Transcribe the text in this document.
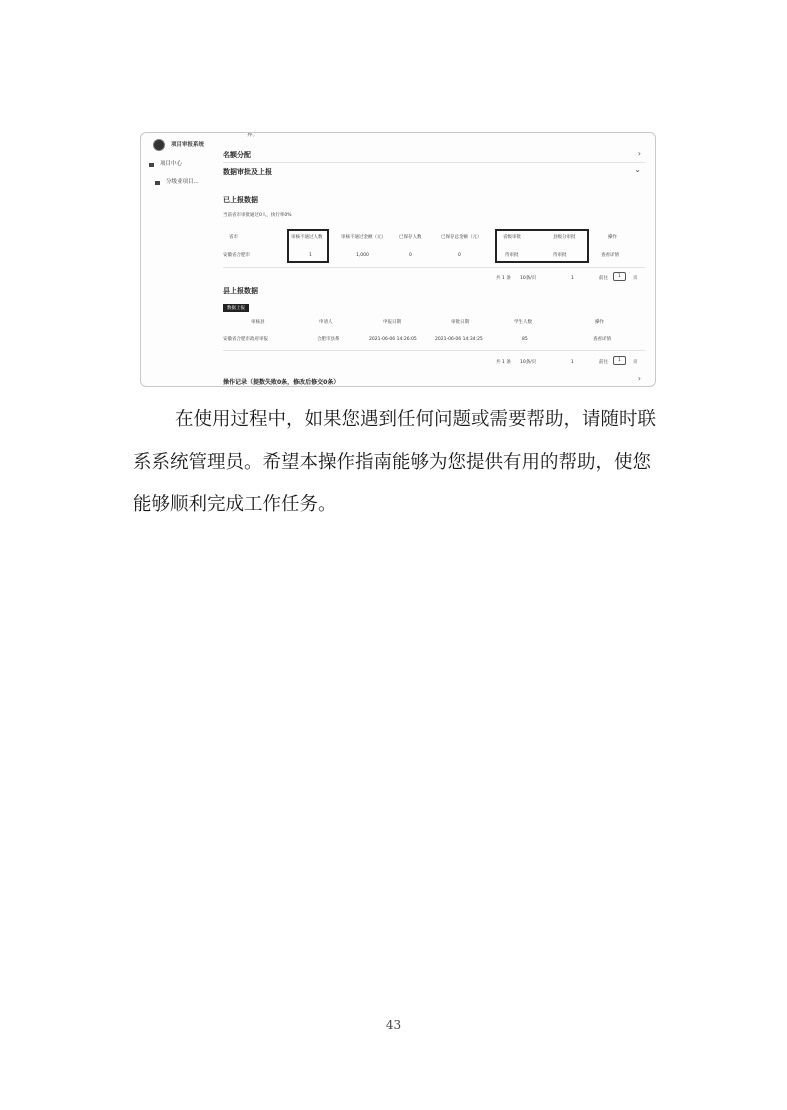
项目审报系统
项目中心
分级业项目...
界。
名额分配	›
数据审批及上报	⌄
已上报数据
当前省市审批通过0人，执行率0%
省市	审核不通过人数	审核不通过金额（元）	已保存人数	已保存总金额（元）	省级审批	县级分审批	操作
安徽省合肥市	1	1,000	0	0	待审批	待审批	查看详情
共 1 条 10条/页	1	前往	1	页
县上报数据
数据上报
审核县	申请人	申报日期	审批日期	学生人数	操作
安徽省合肥市政府审报	合肥市县系	2021-06-06 14:26:05	2021-06-06 14:34:25	85	查看详情
共 1 条 10条/页	1	前往	1	页
操作记录（提数失败0条，修改后修交0条）	›
在使用过程中，如果您遇到任何问题或需要帮助，请随时联
系系统管理员。希望本操作指南能够为您提供有用的帮助，使您
能够顺利完成工作任务。
43
